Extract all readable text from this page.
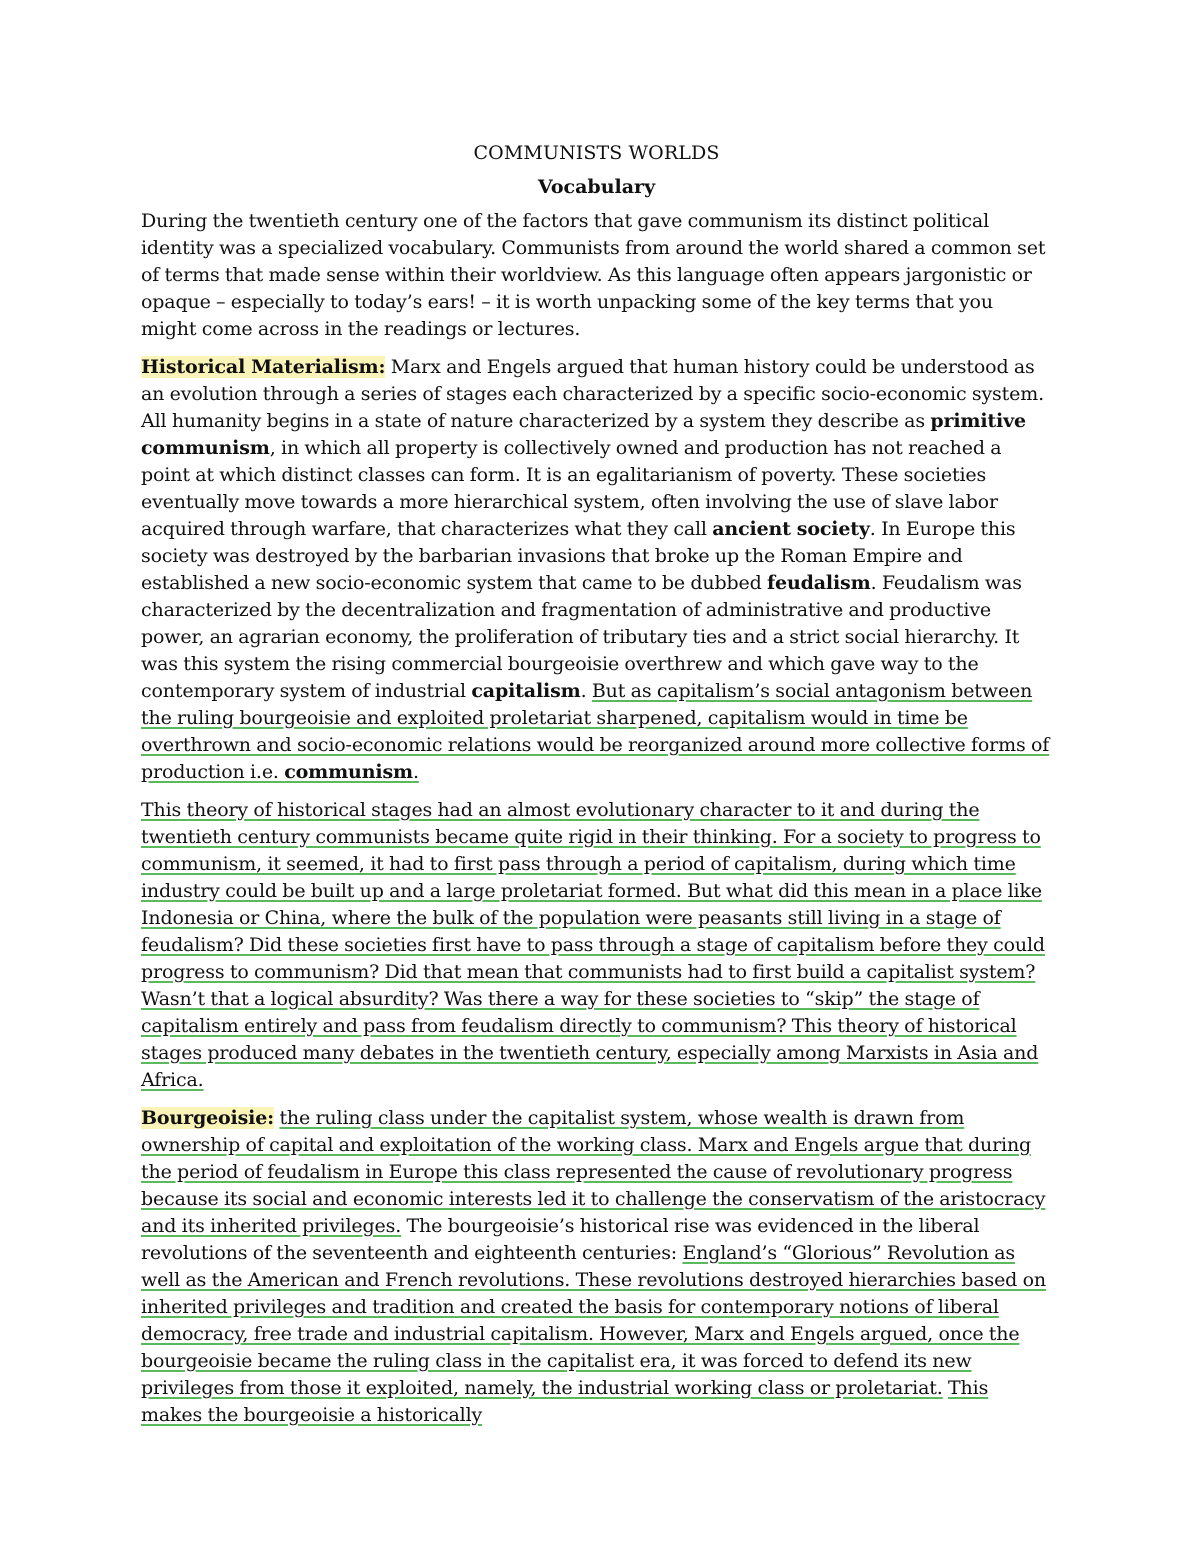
COMMUNISTS WORLDS
Vocabulary

During the twentieth century one of the factors that gave communism its distinct political identity was a specialized vocabulary. Communists from around the world shared a common set of terms that made sense within their worldview. As this language often appears jargonistic or opaque – especially to today’s ears! – it is worth unpacking some of the key terms that you might come across in the readings or lectures.

Historical Materialism: Marx and Engels argued that human history could be understood as an evolution through a series of stages each characterized by a specific socio-economic system. All humanity begins in a state of nature characterized by a system they describe as primitive communism, in which all property is collectively owned and production has not reached a point at which distinct classes can form. It is an egalitarianism of poverty. These societies eventually move towards a more hierarchical system, often involving the use of slave labor acquired through warfare, that characterizes what they call ancient society. In Europe this society was destroyed by the barbarian invasions that broke up the Roman Empire and established a new socio-economic system that came to be dubbed feudalism. Feudalism was characterized by the decentralization and fragmentation of administrative and productive power, an agrarian economy, the proliferation of tributary ties and a strict social hierarchy. It was this system the rising commercial bourgeoisie overthrew and which gave way to the contemporary system of industrial capitalism. But as capitalism’s social antagonism between the ruling bourgeoisie and exploited proletariat sharpened, capitalism would in time be overthrown and socio-economic relations would be reorganized around more collective forms of production i.e. communism.

This theory of historical stages had an almost evolutionary character to it and during the twentieth century communists became quite rigid in their thinking. For a society to progress to communism, it seemed, it had to first pass through a period of capitalism, during which time industry could be built up and a large proletariat formed. But what did this mean in a place like Indonesia or China, where the bulk of the population were peasants still living in a stage of feudalism? Did these societies first have to pass through a stage of capitalism before they could progress to communism? Did that mean that communists had to first build a capitalist system? Wasn’t that a logical absurdity? Was there a way for these societies to “skip” the stage of capitalism entirely and pass from feudalism directly to communism? This theory of historical stages produced many debates in the twentieth century, especially among Marxists in Asia and Africa.

Bourgeoisie: the ruling class under the capitalist system, whose wealth is drawn from ownership of capital and exploitation of the working class. Marx and Engels argue that during the period of feudalism in Europe this class represented the cause of revolutionary progress because its social and economic interests led it to challenge the conservatism of the aristocracy and its inherited privileges. The bourgeoisie’s historical rise was evidenced in the liberal revolutions of the seventeenth and eighteenth centuries: England’s “Glorious” Revolution as well as the American and French revolutions. These revolutions destroyed hierarchies based on inherited privileges and tradition and created the basis for contemporary notions of liberal democracy, free trade and industrial capitalism. However, Marx and Engels argued, once the bourgeoisie became the ruling class in the capitalist era, it was forced to defend its new privileges from those it exploited, namely, the industrial working class or proletariat. This makes the bourgeoisie a historically
